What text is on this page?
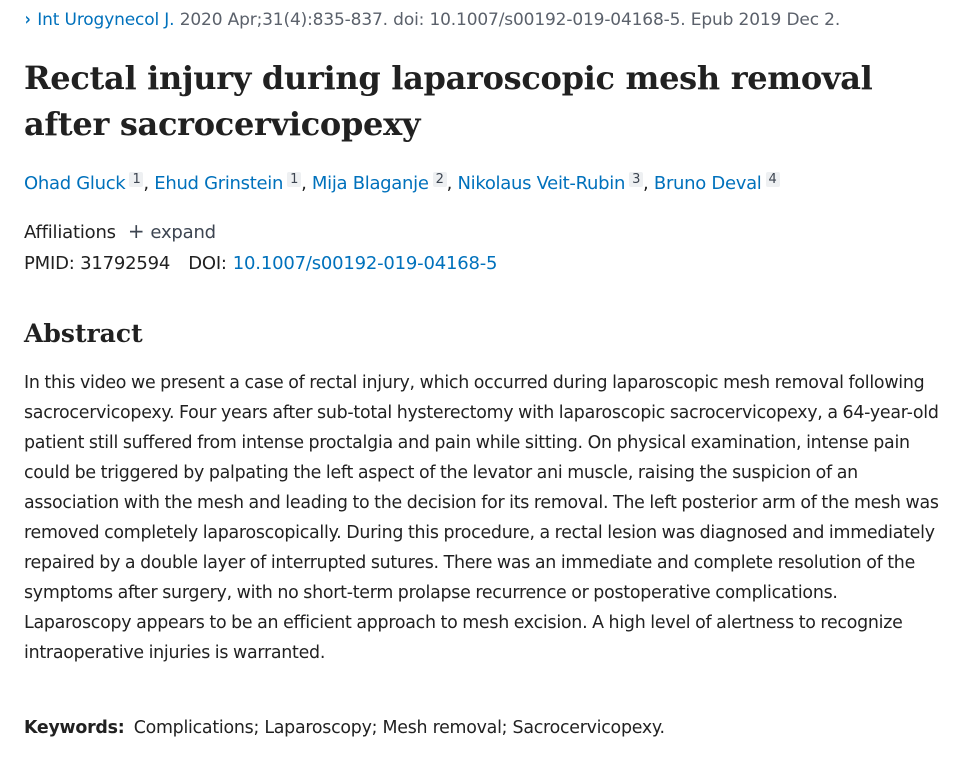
› Int Urogynecol J. 2020 Apr;31(4):835-837. doi: 10.1007/s00192-019-04168-5. Epub 2019 Dec 2.
Rectal injury during laparoscopic mesh removal after sacrocervicopexy
Ohad Gluck $^1$ , Ehud Grinstein $^1$ , Mija Blaganje $^2$ , Nikolaus Veit-Rubin $^3$ , Bruno Deval $^4$
Affiliations + expand
PMID: 31792594 DOI: 10.1007/s00192-019-04168-5
Abstract

In this video we present a case of rectal injury, which occurred during laparoscopic mesh removal following sacrocervicopexy. Four years after sub-total hysterectomy with laparoscopic sacrocervicopexy, a 64-year-old patient still suffered from intense proctalgia and pain while sitting. On physical examination, intense pain could be triggered by palpating the left aspect of the levator ani muscle, raising the suspicion of an association with the mesh and leading to the decision for its removal. The left posterior arm of the mesh was removed completely laparoscopically. During this procedure, a rectal lesion was diagnosed and immediately repaired by a double layer of interrupted sutures. There was an immediate and complete resolution of the symptoms after surgery, with no short-term prolapse recurrence or postoperative complications. Laparoscopy appears to be an efficient approach to mesh excision. A high level of alertness to recognize intraoperative injuries is warranted.

Keywords: Complications; Laparoscopy; Mesh removal; Sacrocervicopexy.
